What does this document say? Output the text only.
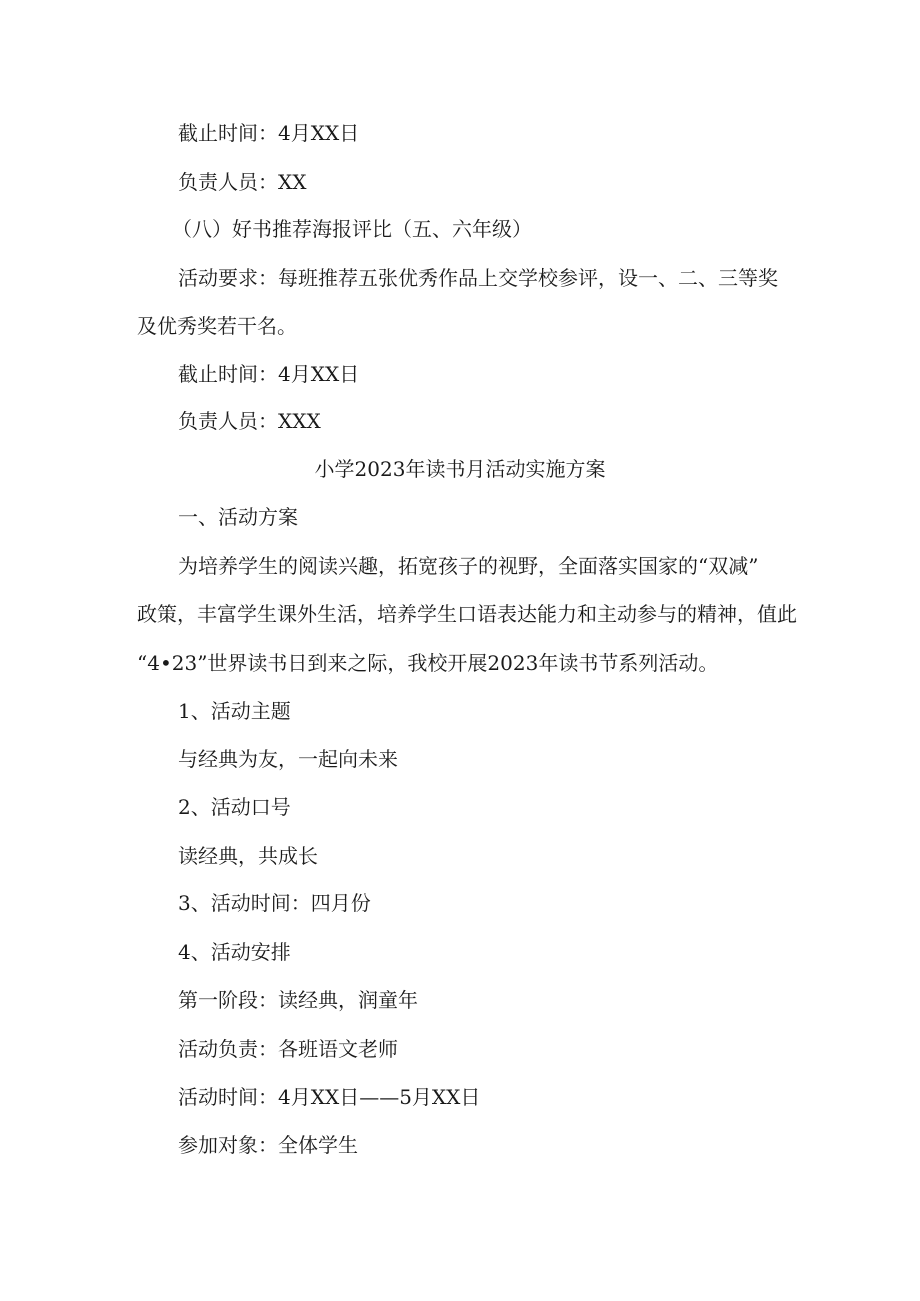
截止时间：4月XX日
负责人员：XX
（八）好书推荐海报评比（五、六年级）
活动要求：每班推荐五张优秀作品上交学校参评，设一、二、三等奖
及优秀奖若干名。
截止时间：4月XX日
负责人员：XXX
小学2023年读书月活动实施方案
一、活动方案
为培养学生的阅读兴趣，拓宽孩子的视野，全面落实国家的“双减”
政策，丰富学生课外生活，培养学生口语表达能力和主动参与的精神，值此
“4•23”世界读书日到来之际，我校开展2023年读书节系列活动。
1、活动主题
与经典为友，一起向未来
2、活动口号
读经典，共成长
3、活动时间：四月份
4、活动安排
第一阶段：读经典，润童年
活动负责：各班语文老师
活动时间：4月XX日——5月XX日
参加对象：全体学生
